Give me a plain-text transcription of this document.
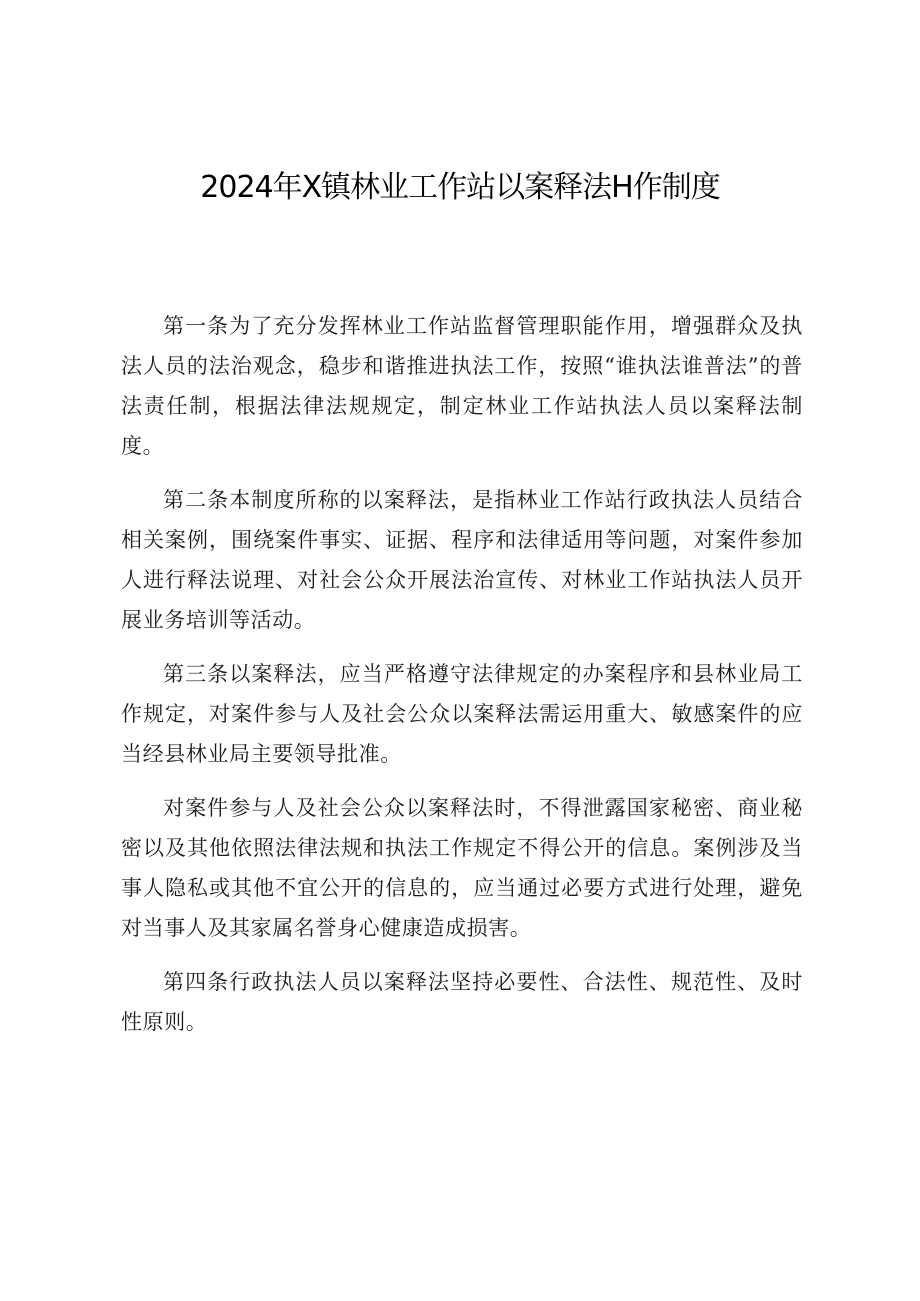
2024年X镇林业工作站以案释法H作制度

第一条为了充分发挥林业工作站监督管理职能作用，增强群众及执法人员的法治观念，稳步和谐推进执法工作，按照“谁执法谁普法”的普法责任制，根据法律法规规定，制定林业工作站执法人员以案释法制度。

第二条本制度所称的以案释法，是指林业工作站行政执法人员结合相关案例，围绕案件事实、证据、程序和法律适用等问题，对案件参加人进行释法说理、对社会公众开展法治宣传、对林业工作站执法人员开展业务培训等活动。

第三条以案释法，应当严格遵守法律规定的办案程序和县林业局工作规定，对案件参与人及社会公众以案释法需运用重大、敏感案件的应当经县林业局主要领导批准。

对案件参与人及社会公众以案释法时，不得泄露国家秘密、商业秘密以及其他依照法律法规和执法工作规定不得公开的信息。案例涉及当事人隐私或其他不宜公开的信息的，应当通过必要方式进行处理，避免对当事人及其家属名誉身心健康造成损害。

第四条行政执法人员以案释法坚持必要性、合法性、规范性、及时性原则。
